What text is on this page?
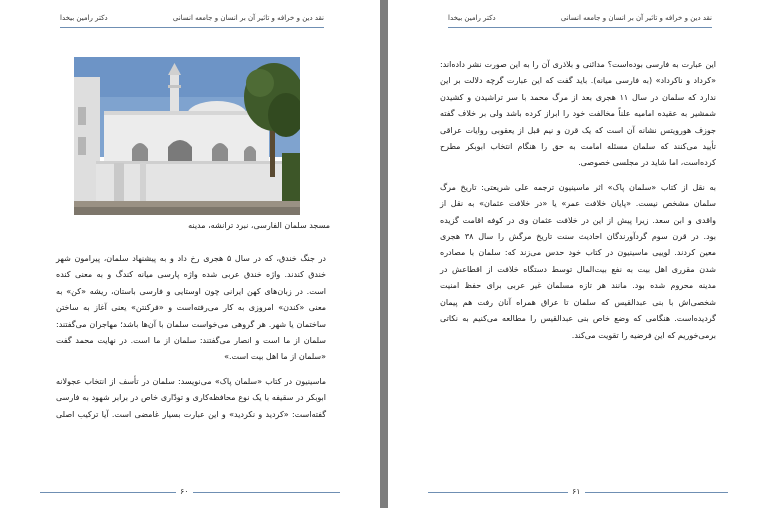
نقد دین و خرافه و تاثیر آن بر انسان و جامعه انسانی
دکتر رامین بیخدا
مسجد سلمان الفارسی، نبرد ترانشه، مدینه

در جنگ خندق، که در سال ۵ هجری رخ داد و به پیشنهاد سلمان، پیرامون شهر
خندق کندند. واژه خندق عربی شده واژه پارسی میانه کندگ و به معنی کنده
است. در زبان‌های کهن ایرانی چون اوستایی و فارسی باستان، ریشه «کن» به
معنی «کندن» امروزی به کار می‌رفته‌است و «فرکنتن» یعنی آغاز به ساختن
ساختمان یا شهر. هر گروهی می‌خواست سلمان با آن‌ها باشد؛ مهاجران می‌گفتند:
سلمان از ما است و انصار می‌گفتند: سلمان از ما است. در نهایت محمد گفت
«سلمان از ما اهل بیت است.»

ماسینیون در کتاب «سلمان پاک» می‌نویسد: سلمان در تأسف از انتخاب عجولانه
ابوبکر در سقیفه با یک نوع محافظه‌کاری و تودّاری خاص در برابر شهود به فارسی
گفته‌است: «کردید و نکردید» و این عبارت بسیار غامضی است. آیا ترکیب اصلی

۶۰
نقد دین و خرافه و تاثیر آن بر انسان و جامعه انسانی
دکتر رامین بیخدا

این عبارت به فارسی بوده‌است؟ مدائنی و بلاذری آن را به این صورت نشر داده‌اند:
«کرداد و ناکرداد» (به فارسی میانه). باید گفت که این عبارت گرچه دلالت بر این
ندارد که سلمان در سال ۱۱ هجری بعد از مرگ محمد با سر تراشیدن و کشیدن
شمشیر به عقیده امامیه علناً مخالفت خود را ابراز کرده باشد ولی بر خلاف گفته
جوزف هورویتس نشانه آن است که یک قرن و نیم قبل از یعقوبی روایات عراقی
تأیید می‌کنند که سلمان مسئله امامت به حق را هنگام انتخاب ابوبکر مطرح
کرده‌است، اما شاید در مجلسی خصوصی.

به نقل از کتاب «سلمان پاک» اثر ماسینیون ترجمه علی شریعتی: تاریخ مرگ
سلمان مشخص نیست. «پایان خلافت عمر» یا «در خلافت عثمان» به نقل از
واقدی و ابن سعد. زیرا پیش از این در خلافت عثمان وی در کوفه اقامت گزیده
بود. در قرن سوم گردآورندگان احادیث سنت تاریخ مرگش را سال ۳۸ هجری
معین کردند. لوییی ماسینیون در کتاب خود حدس می‌زند که: سلمان با مصادره
شدن مقرری اهل بیت به نفع بیت‌المال توسط دستگاه خلافت از اقطاعش در
مدینه محروم شده بود. مانند هر تازه مسلمان غیر عربی برای حفظ امنیت
شخصی‌اش با بنی عبدالقیس که سلمان تا عراق همراه آنان رفت هم پیمان
گردیده‌است. هنگامی که وضع خاص بنی عبدالقیس را مطالعه می‌کنیم به نکاتی
برمی‌خوریم که این فرضیه را تقویت می‌کند.

۶۱
